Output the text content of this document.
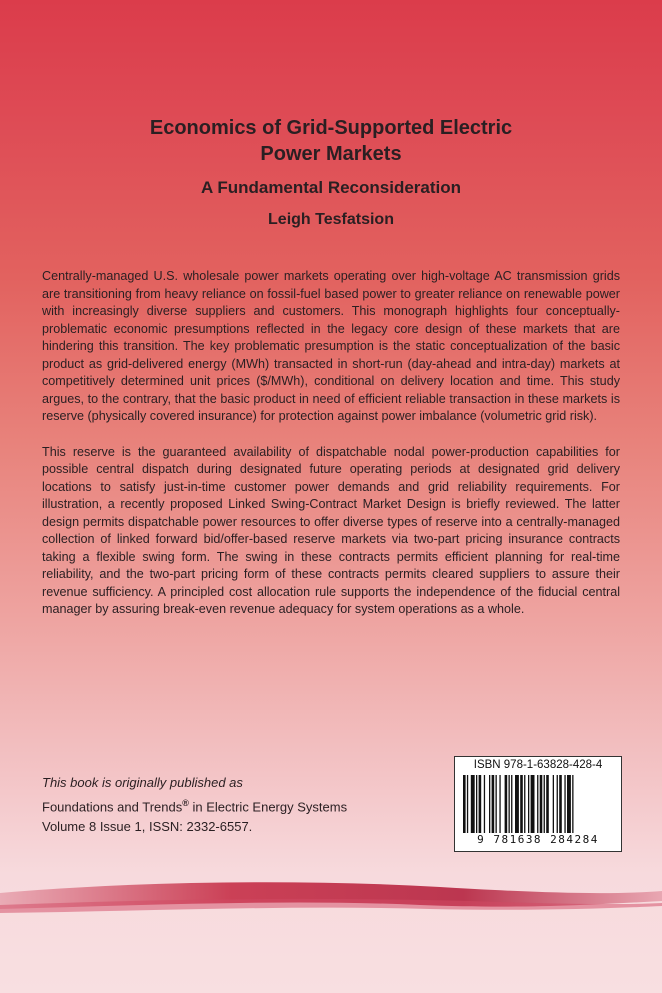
Economics of Grid-Supported Electric
Power Markets
A Fundamental Reconsideration
Leigh Tesfatsion

Centrally-managed U.S. wholesale power markets operating over high-voltage AC transmission grids are transitioning from heavy reliance on fossil-fuel based power to greater reliance on renewable power with increasingly diverse suppliers and customers. This monograph highlights four conceptually-problematic economic presumptions reflected in the legacy core design of these markets that are hindering this transition. The key problematic presumption is the static conceptualization of the basic product as grid-delivered energy (MWh) transacted in short-run (day-ahead and intra-day) markets at competitively determined unit prices ($/MWh), conditional on delivery location and time. This study argues, to the contrary, that the basic product in need of efficient reliable transaction in these markets is reserve (physically covered insurance) for protection against power imbalance (volumetric grid risk).

This reserve is the guaranteed availability of dispatchable nodal power-production capabilities for possible central dispatch during designated future operating periods at designated grid delivery locations to satisfy just-in-time customer power demands and grid reliability requirements. For illustration, a recently proposed Linked Swing-Contract Market Design is briefly reviewed. The latter design permits dispatchable power resources to offer diverse types of reserve into a centrally-managed collection of linked forward bid/offer-based reserve markets via two-part pricing insurance contracts taking a flexible swing form. The swing in these contracts permits efficient planning for real-time reliability, and the two-part pricing form of these contracts permits cleared suppliers to assure their revenue sufficiency. A principled cost allocation rule supports the independence of the fiducial central manager by assuring break-even revenue adequacy for system operations as a whole.

This book is originally published as
Foundations and Trends® in Electric Energy Systems
Volume 8 Issue 1, ISSN: 2332-6557.
ISBN 978-1-63828-428-4
9 781638 284284
